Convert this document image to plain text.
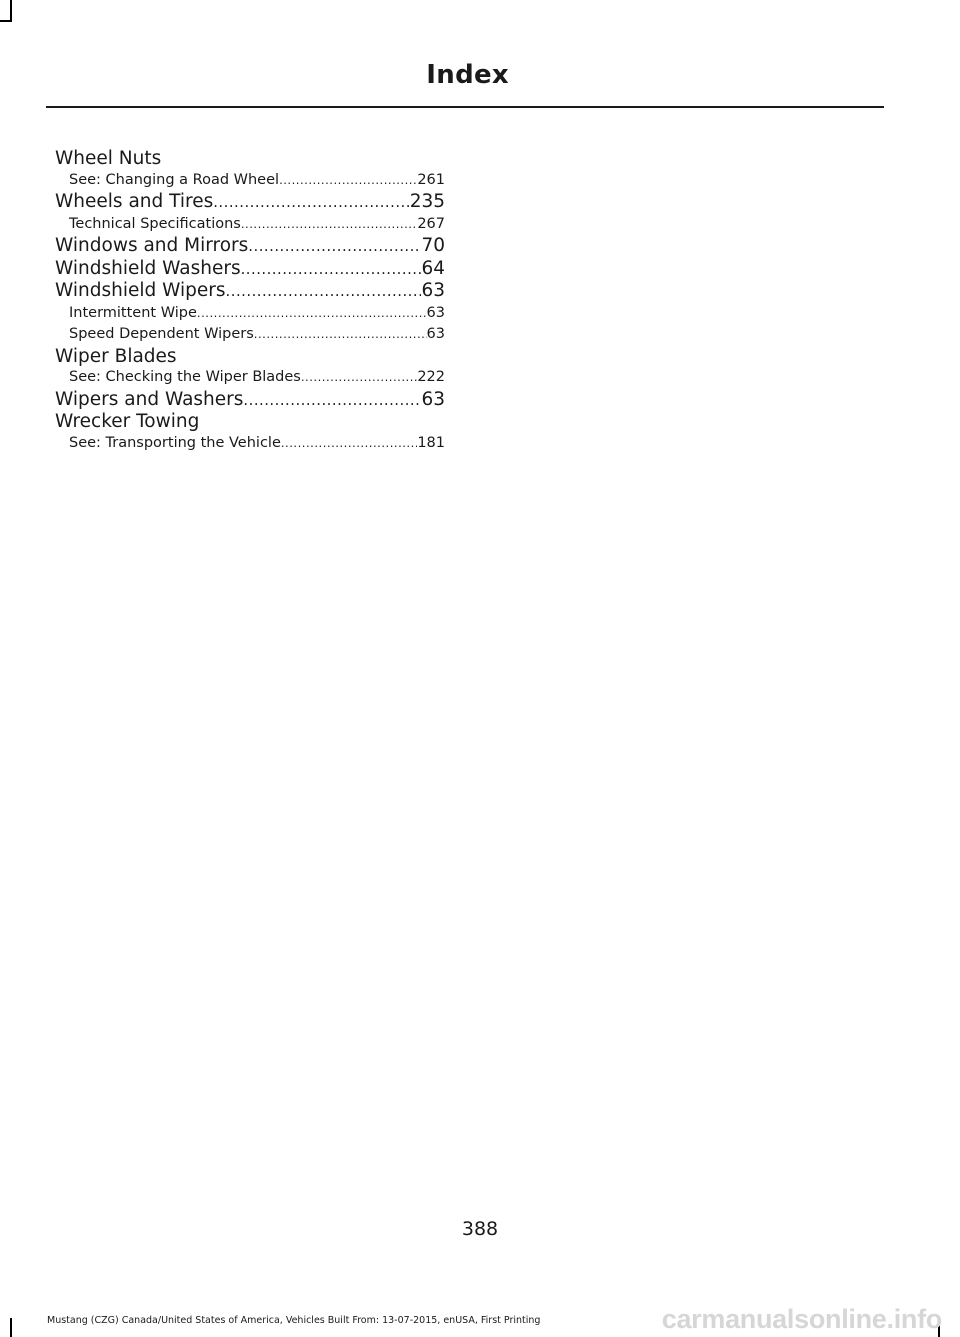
Index
Wheel Nuts
See: Changing a Road Wheel .....	261
Wheels and Tires .....	235
Technical Specifications .....	267
Windows and Mirrors .....	70
Windshield Washers .....	64
Windshield Wipers .....	63
Intermittent Wipe .....	63
Speed Dependent Wipers .....	63
Wiper Blades
See: Checking the Wiper Blades .....	222
Wipers and Washers .....	63
Wrecker Towing
See: Transporting the Vehicle .....	181
388
Mustang (CZG) Canada/United States of America, Vehicles Built From: 13-07-2015, enUSA, First Printing	carmanualsonline.info
